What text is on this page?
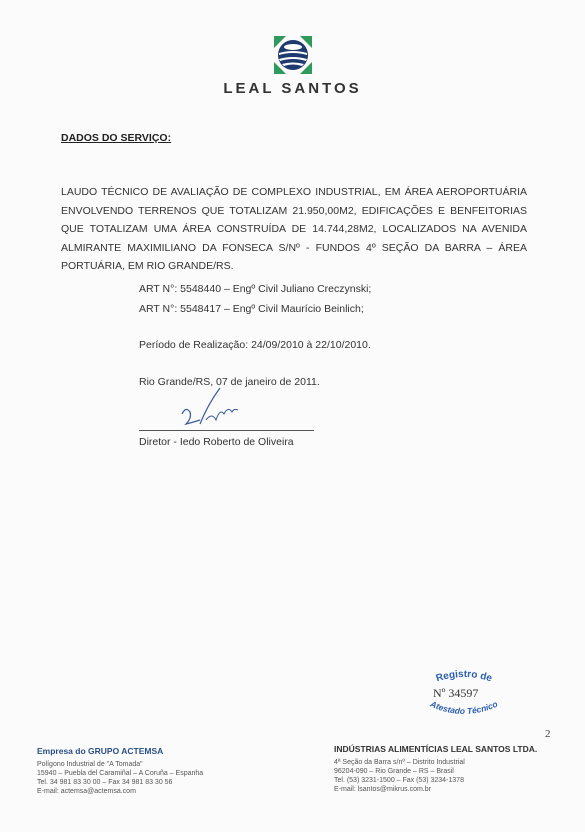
LEAL SANTOS
DADOS DO SERVIÇO:
LAUDO TÉCNICO DE AVALIAÇÃO DE COMPLEXO INDUSTRIAL, EM ÁREA AEROPORTUÁRIA ENVOLVENDO TERRENOS QUE TOTALIZAM 21.950,00M2, EDIFICAÇÕES E BENFEITORIAS QUE TOTALIZAM UMA ÁREA CONSTRUÍDA DE 14.744,28M2, LOCALIZADOS NA AVENIDA ALMIRANTE MAXIMILIANO DA FONSECA S/Nº - FUNDOS 4º SEÇÃO DA BARRA – ÁREA PORTUÁRIA, EM RIO GRANDE/RS.
ART N°: 5548440 – Engº Civil Juliano Creczynski;
ART N°: 5548417 – Engº Civil Maurício Beinlich;
Período de Realização: 24/09/2010 à 22/10/2010.
Rio Grande/RS, 07 de janeiro de 2011.
Diretor - Iedo Roberto de Oliveira
Registro de
Atestado Técnico
Nº 34597
2
Empresa do GRUPO ACTEMSA
Polígono Industrial de "A Tomada"
15940 – Puebla del Caramiñal – A Coruña – Espanha
Tel. 34 981 83 30 00 – Fax 34 981 83 30 56
E-mail: actemsa@actemsa.com
INDÚSTRIAS ALIMENTÍCIAS LEAL SANTOS LTDA.
4ª Seção da Barra s/nº – Distrito Industrial
96204-090 – Rio Grande – RS – Brasil
Tel. (53) 3231-1500 – Fax (53) 3234-1378
E-mail: lsantos@mikrus.com.br
